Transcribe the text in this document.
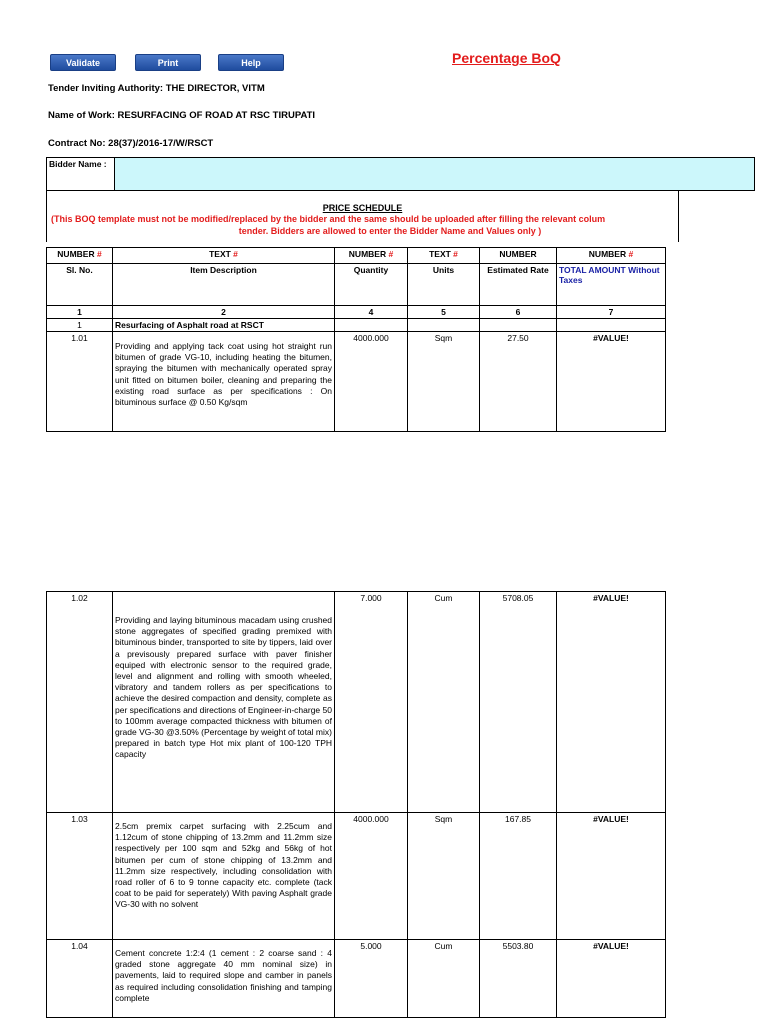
Validate	Print	Help	Percentage BoQ
Tender Inviting Authority: THE DIRECTOR, VITM
Name of Work: RESURFACING OF ROAD AT RSC TIRUPATI
Contract No: 28(37)/2016-17/W/RSCT
Bidder Name :	
PRICE SCHEDULE
(This BOQ template must not be modified/replaced by the bidder and the same should be uploaded after filling the relevant colum
tender. Bidders are allowed to enter the Bidder Name and Values only )
NUMBER #	TEXT #	NUMBER #	TEXT #	NUMBER	NUMBER #
Sl. No.	Item Description	Quantity	Units	Estimated Rate	TOTAL AMOUNT Without Taxes
1	2	4	5	6	7
1	Resurfacing of Asphalt road at RSCT				
1.01	Providing and applying tack coat using hot straight run bitumen of grade VG-10, including heating the bitumen, spraying the bitumen with mechanically operated spray unit fitted on bitumen boiler, cleaning and preparing the existing road surface as per specifications : On bituminous surface @ 0.50 Kg/sqm	4000.000	Sqm	27.50	#VALUE!
1.02	Providing and laying bituminous macadam using crushed stone aggregates of specified grading premixed with bituminous binder, transported to site by tippers, laid over a previsously prepared surface with paver finisher equiped with electronic sensor to the required grade, level and alignment and rolling with smooth wheeled, vibratory and tandem rollers as per specifications to achieve the desired compaction and density, complete as per specifications and directions of Engineer-in-charge 50 to 100mm average compacted thickness with bitumen of grade VG-30 @3.50% (Percentage by weight of total mix) prepared in batch type Hot mix plant of 100-120 TPH capacity	7.000	Cum	5708.05	#VALUE!
1.03	2.5cm premix carpet surfacing with 2.25cum and 1.12cum of stone chipping of 13.2mm and 11.2mm size respectively per 100 sqm and 52kg and 56kg of hot bitumen per cum of stone chipping of 13.2mm and 11.2mm size respectively, including consolidation with road roller of 6 to 9 tonne capacity etc. complete (tack coat to be paid for seperately) With paving Asphalt grade VG-30 with no solvent	4000.000	Sqm	167.85	#VALUE!
1.04	Cement concrete 1:2:4 (1 cement : 2 coarse sand : 4 graded stone aggregate 40 mm nominal size) in pavements, laid to required slope and camber in panels as required including consolidation finishing and tamping complete	5.000	Cum	5503.80	#VALUE!
